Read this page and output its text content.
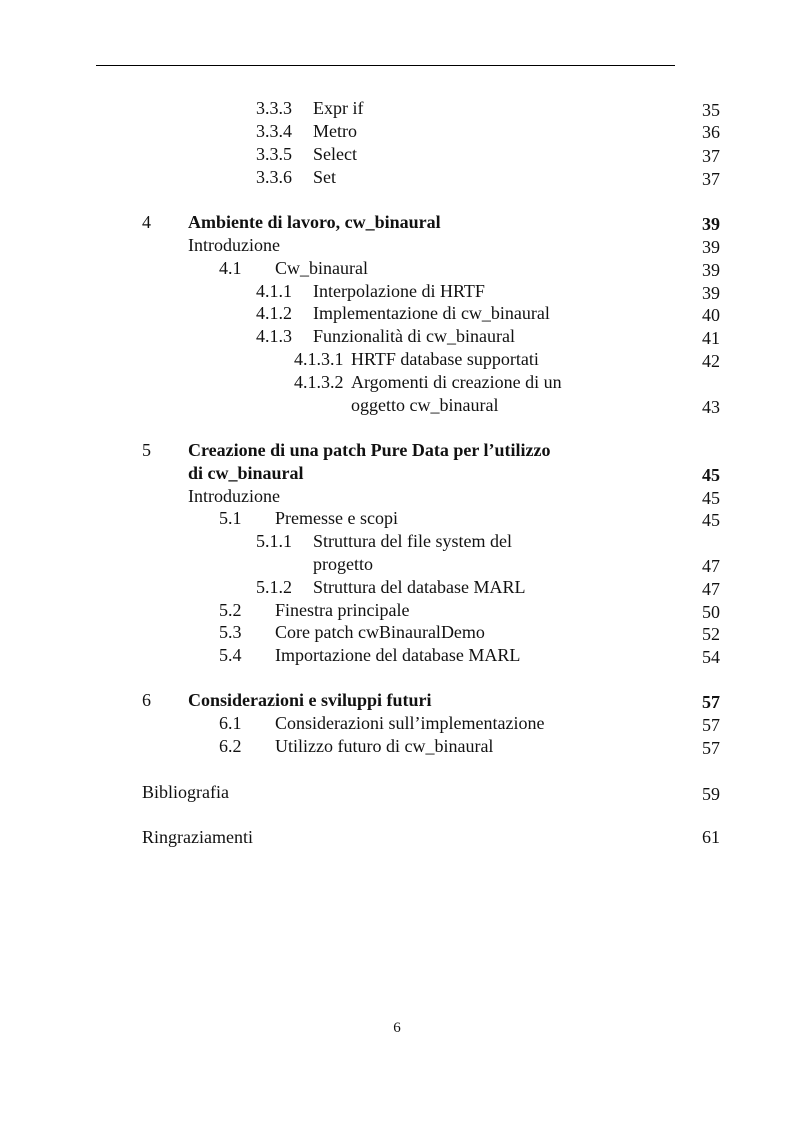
3.3.3 Expr if	35
3.3.4 Metro	36
3.3.5 Select	37
3.3.6 Set	37
4 Ambiente di lavoro, cw_binaural	39
Introduzione	39
4.1 Cw_binaural	39
4.1.1 Interpolazione di HRTF	39
4.1.2 Implementazione di cw_binaural	40
4.1.3 Funzionalità di cw_binaural	41
4.1.3.1 HRTF database supportati	42
4.1.3.2 Argomenti di creazione di un
oggetto cw_binaural	43
5 Creazione di una patch Pure Data per l’utilizzo
di cw_binaural	45
Introduzione	45
5.1 Premesse e scopi	45
5.1.1 Struttura del file system del
progetto	47
5.1.2 Struttura del database MARL	47
5.2 Finestra principale	50
5.3 Core patch cwBinauralDemo	52
5.4 Importazione del database MARL	54
6 Considerazioni e sviluppi futuri	57
6.1 Considerazioni sull’implementazione	57
6.2 Utilizzo futuro di cw_binaural	57
Bibliografia	59
Ringraziamenti	61
6
